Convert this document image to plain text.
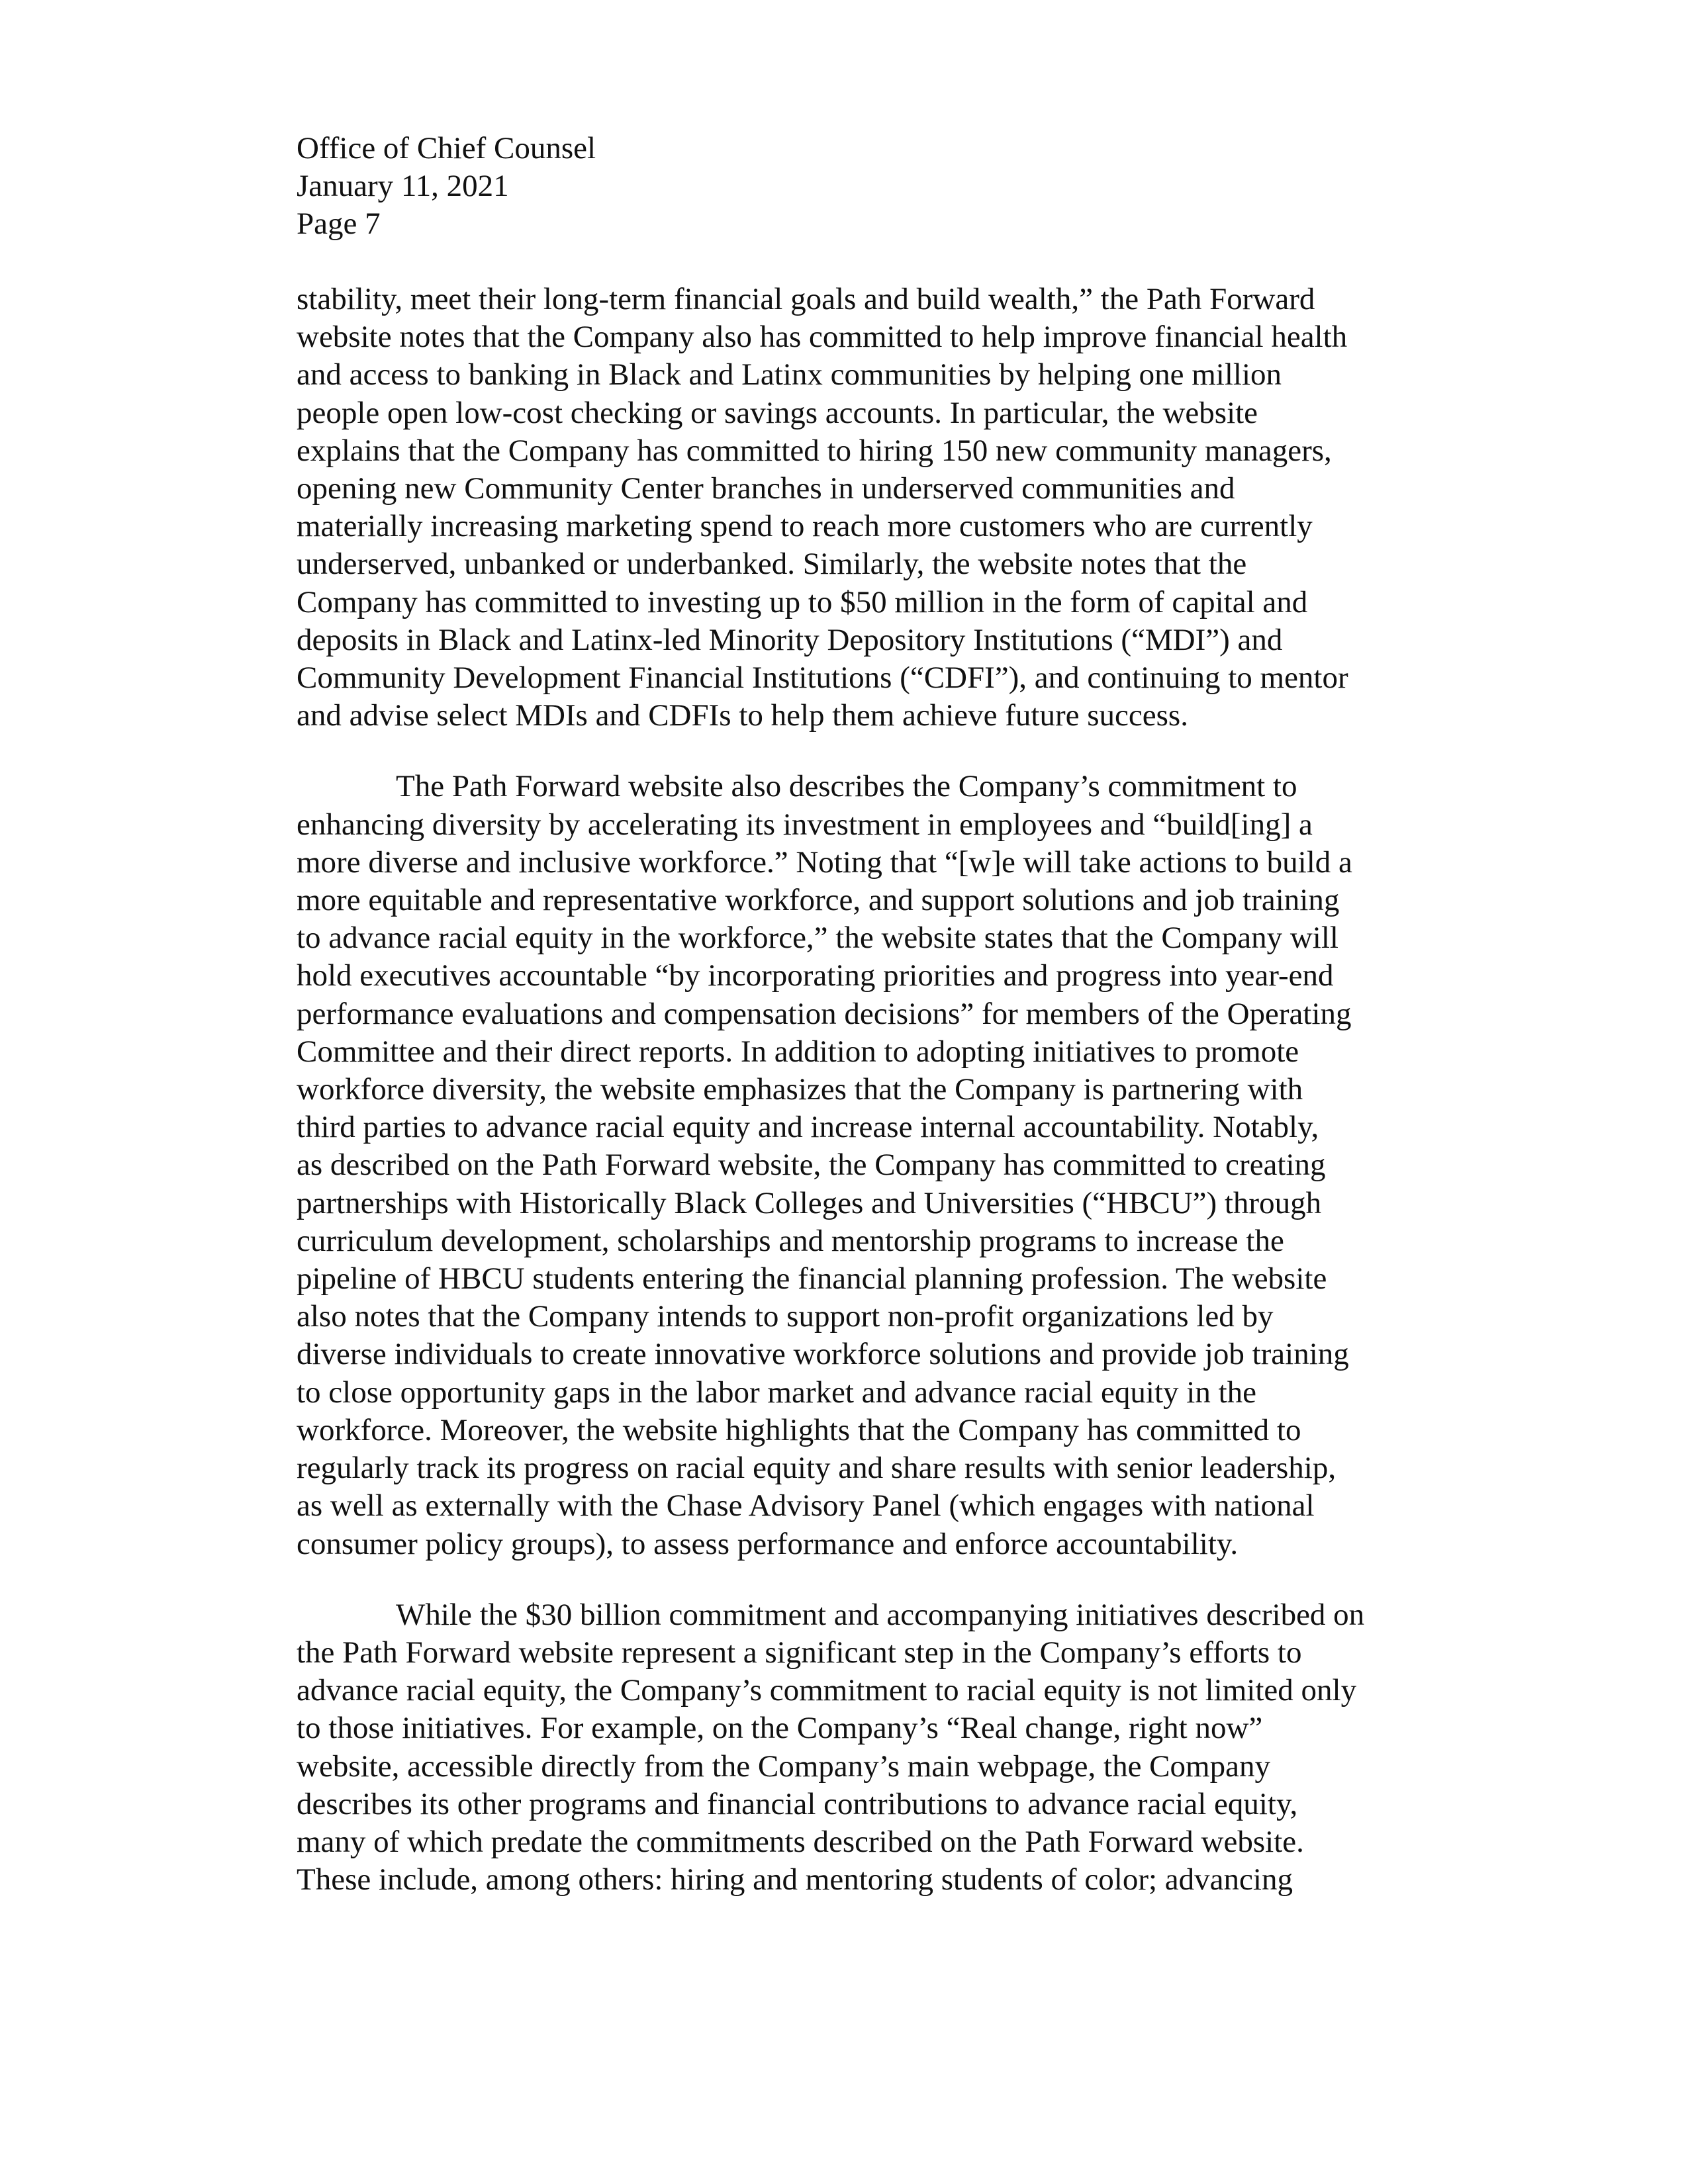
Office of Chief Counsel
January 11, 2021
Page 7

stability, meet their long-term financial goals and build wealth,” the Path Forward
website notes that the Company also has committed to help improve financial health
and access to banking in Black and Latinx communities by helping one million
people open low-cost checking or savings accounts. In particular, the website
explains that the Company has committed to hiring 150 new community managers,
opening new Community Center branches in underserved communities and
materially increasing marketing spend to reach more customers who are currently
underserved, unbanked or underbanked. Similarly, the website notes that the
Company has committed to investing up to $50 million in the form of capital and
deposits in Black and Latinx-led Minority Depository Institutions (“MDI”) and
Community Development Financial Institutions (“CDFI”), and continuing to mentor
and advise select MDIs and CDFIs to help them achieve future success.

The Path Forward website also describes the Company’s commitment to
enhancing diversity by accelerating its investment in employees and “build[ing] a
more diverse and inclusive workforce.” Noting that “[w]e will take actions to build a
more equitable and representative workforce, and support solutions and job training
to advance racial equity in the workforce,” the website states that the Company will
hold executives accountable “by incorporating priorities and progress into year-end
performance evaluations and compensation decisions” for members of the Operating
Committee and their direct reports. In addition to adopting initiatives to promote
workforce diversity, the website emphasizes that the Company is partnering with
third parties to advance racial equity and increase internal accountability. Notably,
as described on the Path Forward website, the Company has committed to creating
partnerships with Historically Black Colleges and Universities (“HBCU”) through
curriculum development, scholarships and mentorship programs to increase the
pipeline of HBCU students entering the financial planning profession. The website
also notes that the Company intends to support non-profit organizations led by
diverse individuals to create innovative workforce solutions and provide job training
to close opportunity gaps in the labor market and advance racial equity in the
workforce. Moreover, the website highlights that the Company has committed to
regularly track its progress on racial equity and share results with senior leadership,
as well as externally with the Chase Advisory Panel (which engages with national
consumer policy groups), to assess performance and enforce accountability.

While the $30 billion commitment and accompanying initiatives described on
the Path Forward website represent a significant step in the Company’s efforts to
advance racial equity, the Company’s commitment to racial equity is not limited only
to those initiatives. For example, on the Company’s “Real change, right now”
website, accessible directly from the Company’s main webpage, the Company
describes its other programs and financial contributions to advance racial equity,
many of which predate the commitments described on the Path Forward website.
These include, among others: hiring and mentoring students of color; advancing
